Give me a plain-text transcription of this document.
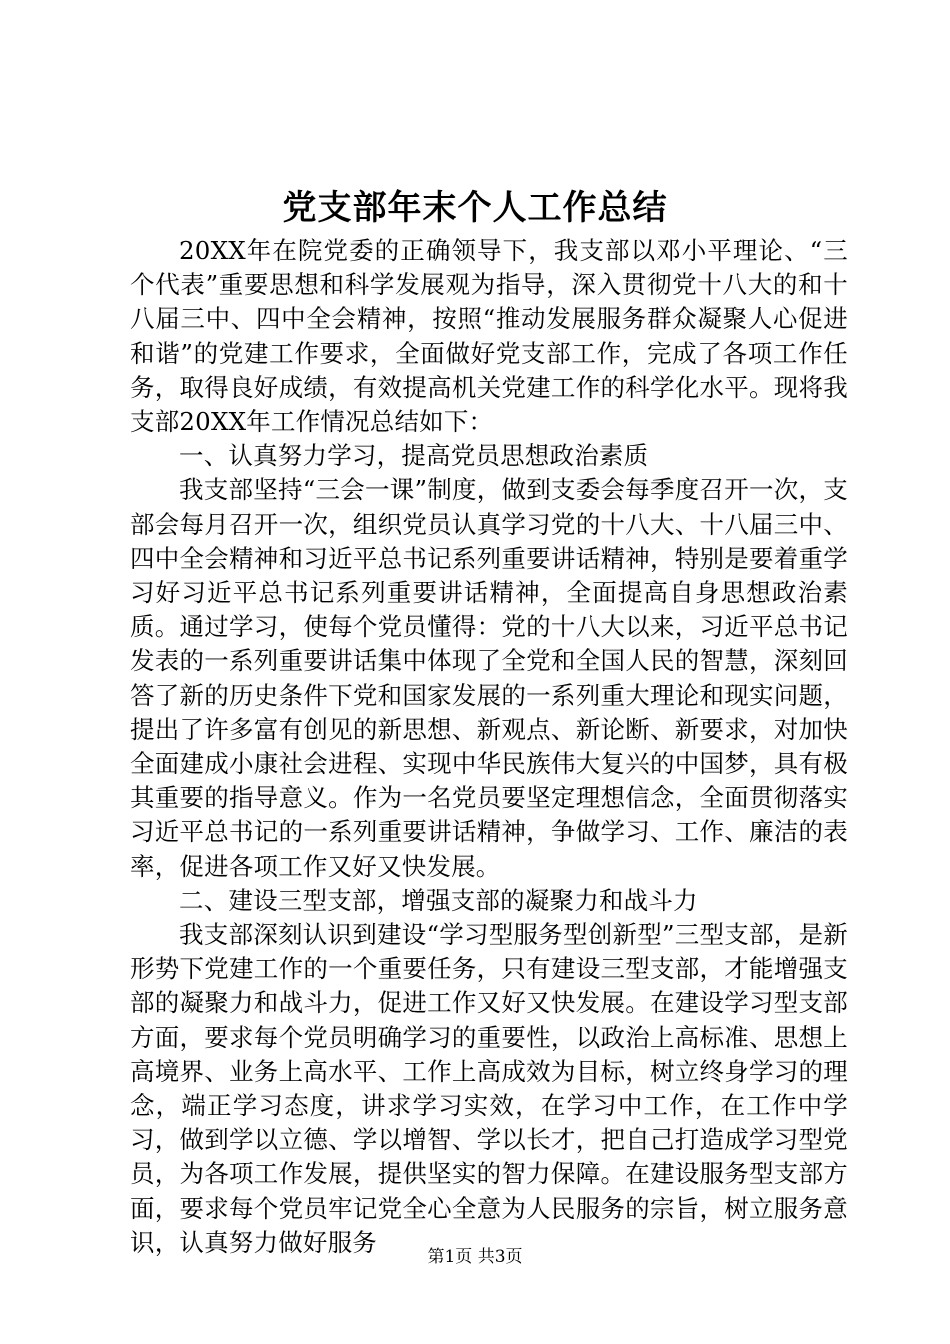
党支部年末个人工作总结

20XX年在院党委的正确领导下，我支部以邓小平理论、“三个代表”重要思想和科学发展观为指导，深入贯彻党十八大的和十八届三中、四中全会精神，按照“推动发展服务群众凝聚人心促进和谐”的党建工作要求，全面做好党支部工作，完成了各项工作任务，取得良好成绩，有效提高机关党建工作的科学化水平。现将我支部20XX年工作情况总结如下：

一、认真努力学习，提高党员思想政治素质

我支部坚持“三会一课”制度，做到支委会每季度召开一次，支部会每月召开一次，组织党员认真学习党的十八大、十八届三中、四中全会精神和习近平总书记系列重要讲话精神，特别是要着重学习好习近平总书记系列重要讲话精神，全面提高自身思想政治素质。通过学习，使每个党员懂得：党的十八大以来，习近平总书记发表的一系列重要讲话集中体现了全党和全国人民的智慧，深刻回答了新的历史条件下党和国家发展的一系列重大理论和现实问题，提出了许多富有创见的新思想、新观点、新论断、新要求，对加快全面建成小康社会进程、实现中华民族伟大复兴的中国梦，具有极其重要的指导意义。作为一名党员要坚定理想信念，全面贯彻落实习近平总书记的一系列重要讲话精神，争做学习、工作、廉洁的表率，促进各项工作又好又快发展。

二、建设三型支部，增强支部的凝聚力和战斗力

我支部深刻认识到建设“学习型服务型创新型”三型支部，是新形势下党建工作的一个重要任务，只有建设三型支部，才能增强支部的凝聚力和战斗力，促进工作又好又快发展。在建设学习型支部方面，要求每个党员明确学习的重要性，以政治上高标准、思想上高境界、业务上高水平、工作上高成效为目标，树立终身学习的理念，端正学习态度，讲求学习实效，在学习中工作，在工作中学习，做到学以立德、学以增智、学以长才，把自己打造成学习型党员，为各项工作发展，提供坚实的智力保障。在建设服务型支部方面，要求每个党员牢记党全心全意为人民服务的宗旨，树立服务意识，认真努力做好服务

第1页 共3页
